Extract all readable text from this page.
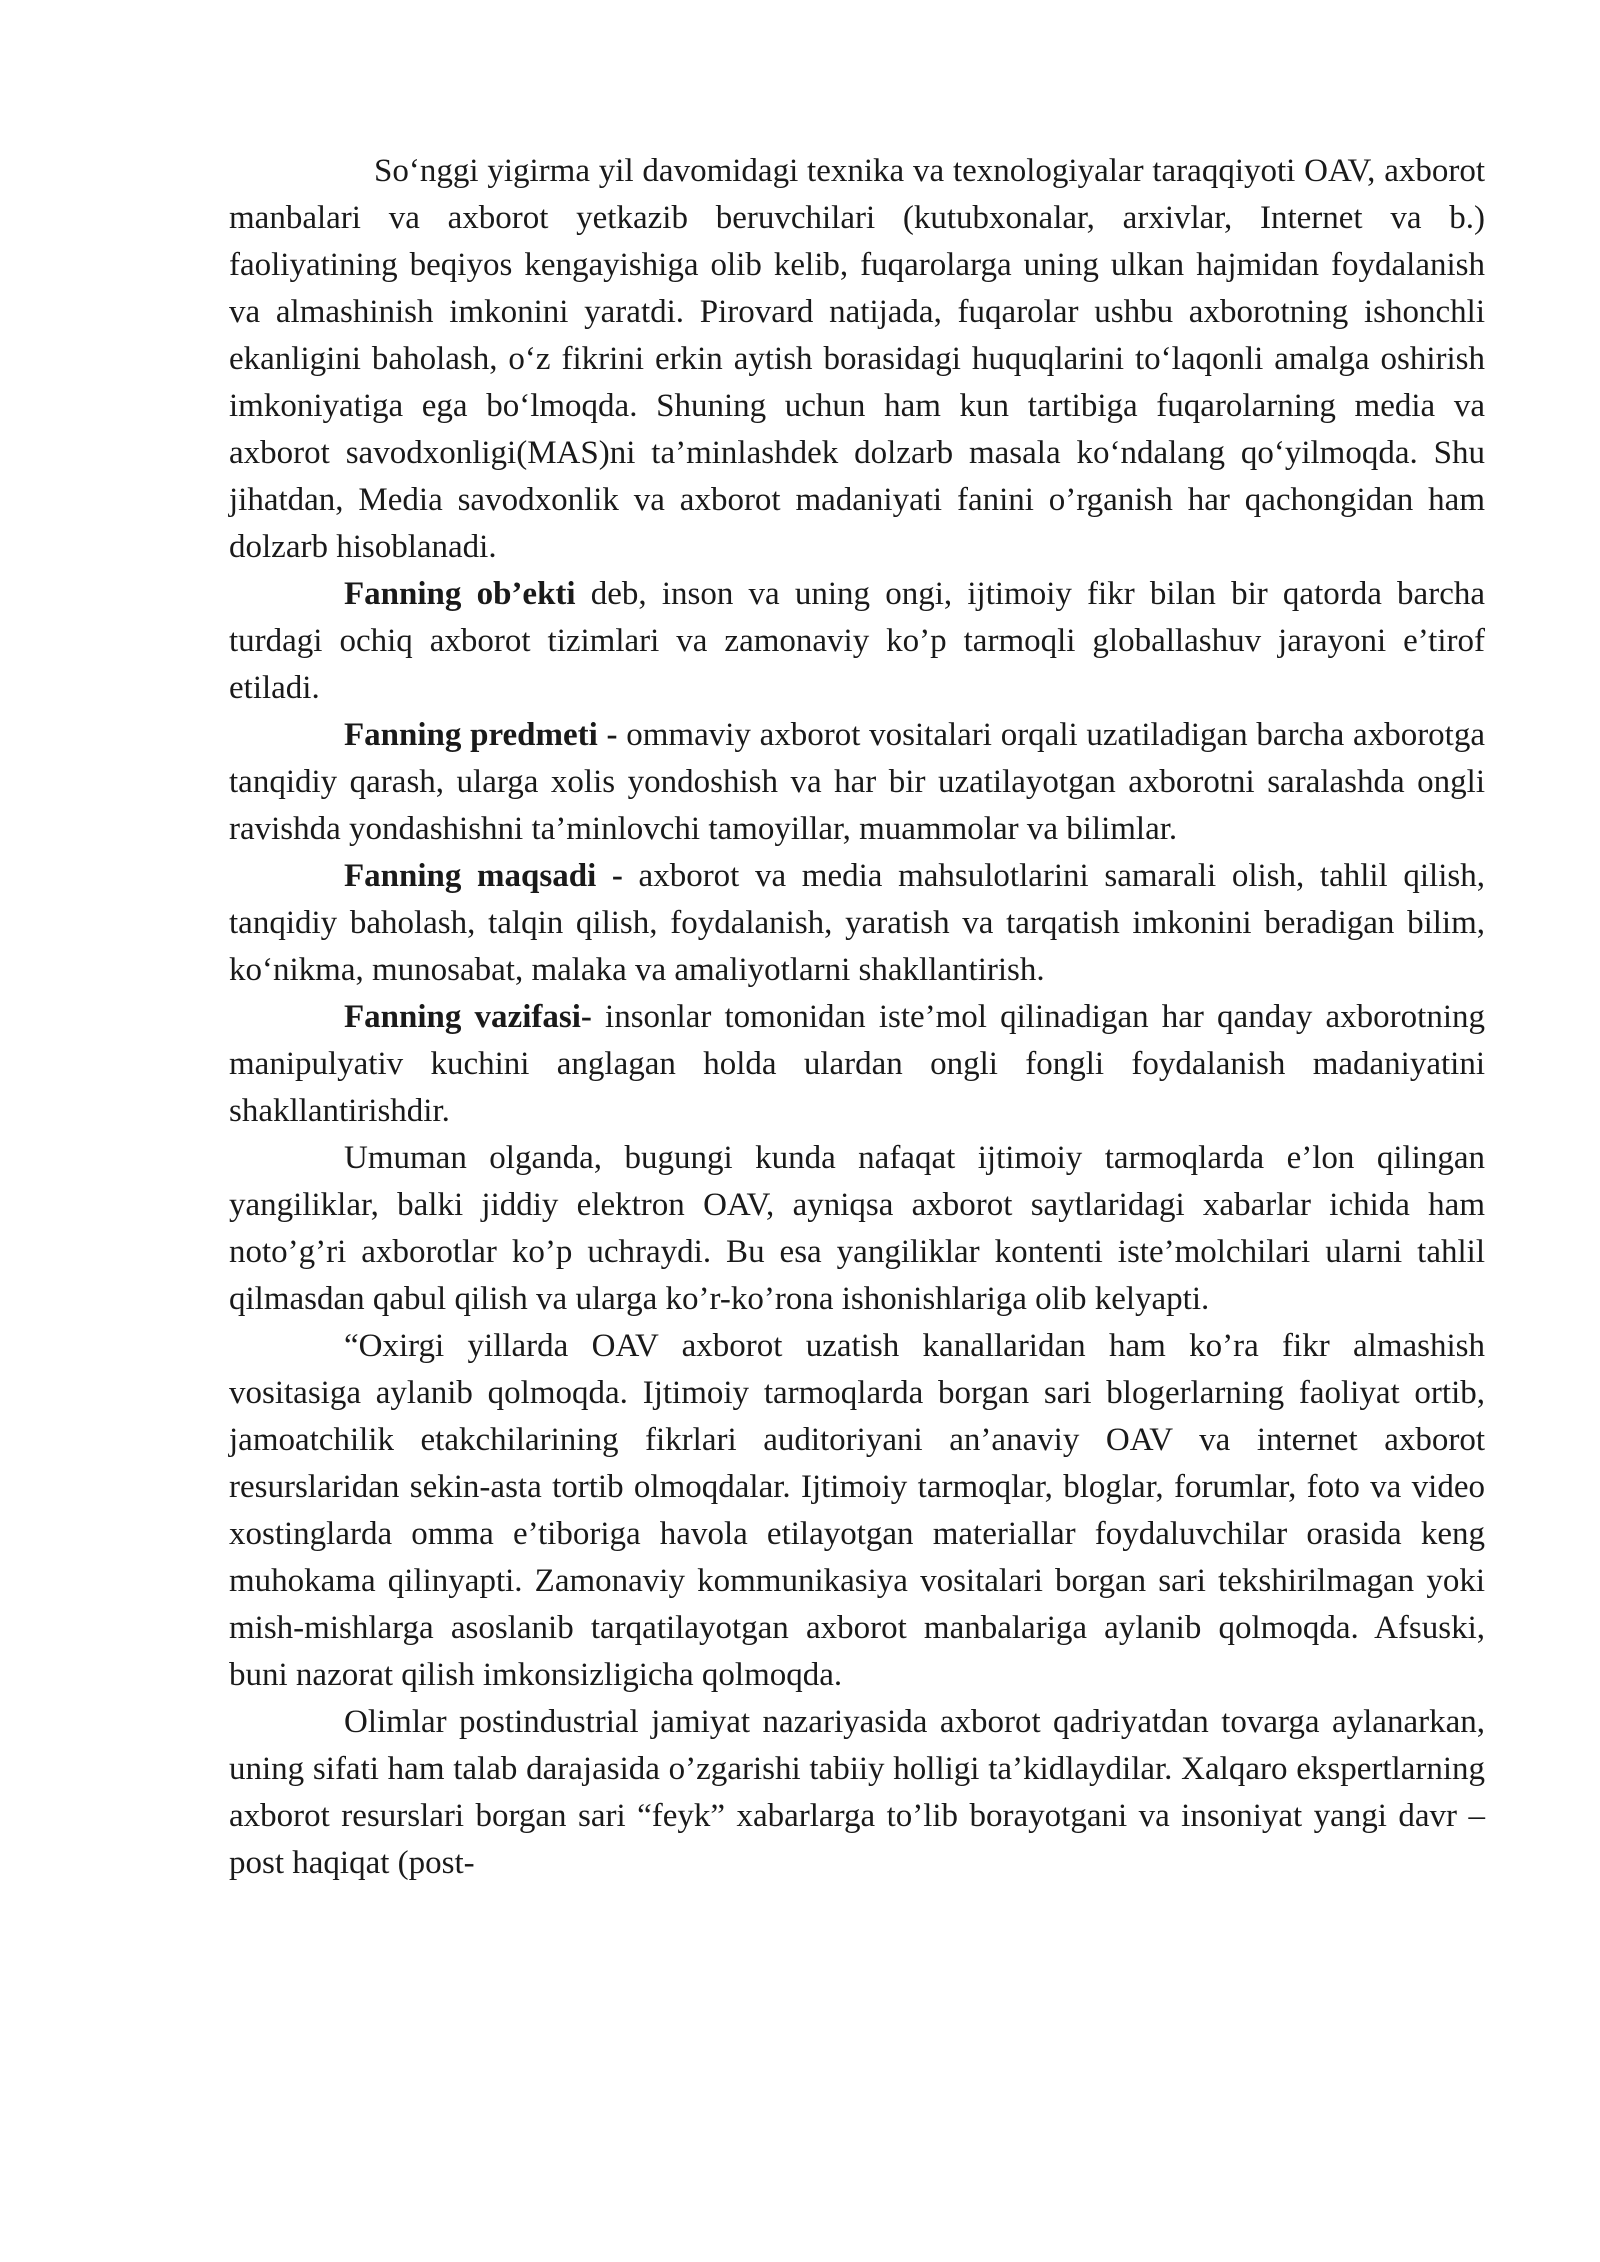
So‘nggi yigirma yil davomidagi texnika va texnologiyalar taraqqiyoti OAV, axborot manbalari va axborot yetkazib beruvchilari (kutubxonalar, arxivlar, Internet va b.) faoliyatining beqiyos kengayishiga olib kelib, fuqarolarga uning ulkan hajmidan foydalanish va almashinish imkonini yaratdi. Pirovard natijada, fuqarolar ushbu axborotning ishonchli ekanligini baholash, o‘z fikrini erkin aytish borasidagi huquqlarini to‘laqonli amalga oshirish imkoniyatiga ega bo‘lmoqda. Shuning uchun ham kun tartibiga fuqarolarning media va axborot savodxonligi(MAS)ni ta’minlashdek dolzarb masala ko‘ndalang qo‘yilmoqda. Shu jihatdan, Media savodxonlik va axborot madaniyati fanini o’rganish har qachongidan ham dolzarb hisoblanadi.

Fanning ob’ekti deb, inson va uning ongi, ijtimoiy fikr bilan bir qatorda barcha turdagi ochiq axborot tizimlari va zamonaviy ko’p tarmoqli globallashuv jarayoni e’tirof etiladi.

Fanning predmeti - ommaviy axborot vositalari orqali uzatiladigan barcha axborotga tanqidiy qarash, ularga xolis yondoshish va har bir uzatilayotgan axborotni saralashda ongli ravishda yondashishni ta’minlovchi tamoyillar, muammolar va bilimlar.

Fanning maqsadi - axborot va media mahsulotlarini samarali olish, tahlil qilish, tanqidiy baholash, talqin qilish, foydalanish, yaratish va tarqatish imkonini beradigan bilim, ko‘nikma, munosabat, malaka va amaliyotlarni shakllantirish.

Fanning vazifasi- insonlar tomonidan iste’mol qilinadigan har qanday axborotning manipulyativ kuchini anglagan holda ulardan ongli fongli foydalanish madaniyatini shakllantirishdir.

Umuman olganda, bugungi kunda nafaqat ijtimoiy tarmoqlarda e’lon qilingan yangiliklar, balki jiddiy elektron OAV, ayniqsa axborot saytlaridagi xabarlar ichida ham noto’g’ri axborotlar ko’p uchraydi. Bu esa yangiliklar kontenti iste’molchilari ularni tahlil qilmasdan qabul qilish va ularga ko’r-ko’rona ishonishlariga olib kelyapti.

“Oxirgi yillarda OAV axborot uzatish kanallaridan ham ko’ra fikr almashish vositasiga aylanib qolmoqda. Ijtimoiy tarmoqlarda borgan sari blogerlarning faoliyat ortib, jamoatchilik etakchilarining fikrlari auditoriyani an’anaviy OAV va internet axborot resurslaridan sekin-asta tortib olmoqdalar. Ijtimoiy tarmoqlar, bloglar, forumlar, foto va video xostinglarda omma e’tiboriga havola etilayotgan materiallar foydaluvchilar orasida keng muhokama qilinyapti. Zamonaviy kommunikasiya vositalari borgan sari tekshirilmagan yoki mish-mishlarga asoslanib tarqatilayotgan axborot manbalariga aylanib qolmoqda. Afsuski, buni nazorat qilish imkonsizligicha qolmoqda.

Olimlar postindustrial jamiyat nazariyasida axborot qadriyatdan tovarga aylanarkan, uning sifati ham talab darajasida o’zgarishi tabiiy holligi ta’kidlaydilar. Xalqaro ekspertlarning axborot resurslari borgan sari “feyk” xabarlarga to’lib borayotgani va insoniyat yangi davr – post haqiqat (post-
